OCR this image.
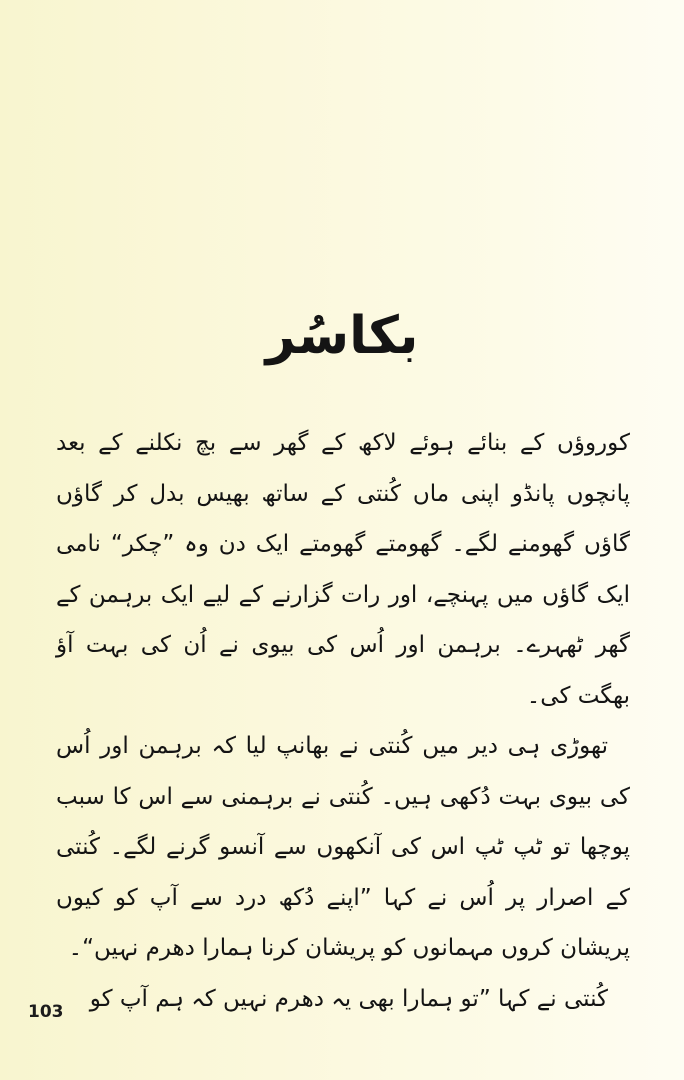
بکاسُر

کوروؤں کے بنائے ہوئے لاکھ کے گھر سے بچ نکلنے کے بعد پانچوں پانڈو اپنی ماں کُنتی کے ساتھ بھیس بدل کر گاؤں گاؤں گھومنے لگے۔ گھومتے گھومتے ایک دن وہ ”چکر“ نامی ایک گاؤں میں پہنچے، اور رات گزارنے کے لیے ایک برہمن کے گھر ٹھہرے۔ برہمن اور اُس کی بیوی نے اُن کی بہت آؤ بھگت کی۔

تھوڑی ہی دیر میں کُنتی نے بھانپ لیا کہ برہمن اور اُس کی بیوی بہت دُکھی ہیں۔ کُنتی نے برہمنی سے اس کا سبب پوچھا تو ٹپ ٹپ اس کی آنکھوں سے آنسو گرنے لگے۔ کُنتی کے اصرار پر اُس نے کہا ”اپنے دُکھ درد سے آپ کو کیوں پریشان کروں مہمانوں کو پریشان کرنا ہمارا دھرم نہیں“۔

کُنتی نے کہا ”تو ہمارا بھی یہ دھرم نہیں کہ ہم آپ کو

103
